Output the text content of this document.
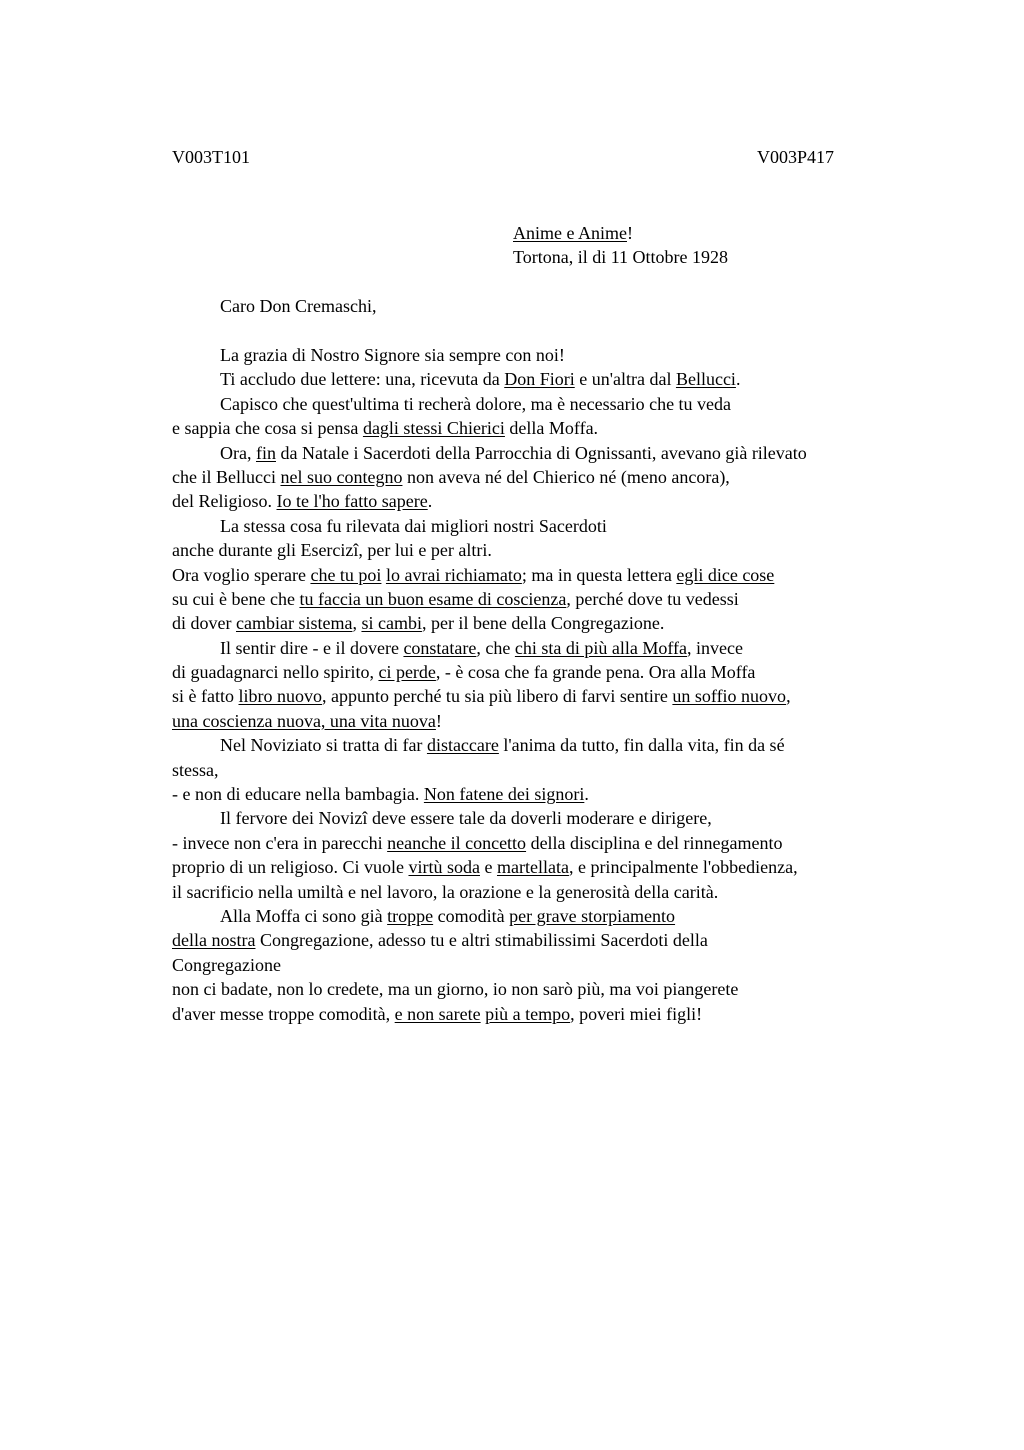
V003T101	V003P417
Anime e Anime!
Tortona, il di 11 Ottobre 1928
Caro Don Cremaschi,
La grazia di Nostro Signore sia sempre con noi!
Ti accludo due lettere: una, ricevuta da Don Fiori e un'altra dal Bellucci.
Capisco che quest'ultima ti recherà dolore, ma è necessario che tu veda
e sappia che cosa si pensa dagli stessi Chierici della Moffa.
Ora, fin da Natale i Sacerdoti della Parrocchia di Ognissanti, avevano già rilevato
che il Bellucci nel suo contegno non aveva né del Chierico né (meno ancora),
del Religioso. Io te l'ho fatto sapere.
La stessa cosa fu rilevata dai migliori nostri Sacerdoti
anche durante gli Esercizi, per lui e per altri.
Ora voglio sperare che tu poi lo avrai richiamato; ma in questa lettera egli dice cose
su cui è bene che tu faccia un buon esame di coscienza, perché dove tu vedessi
di dover cambiar sistema, si cambi, per il bene della Congregazione.
Il sentir dire - e il dovere constatare, che chi sta di più alla Moffa, invece
di guadagnarci nello spirito, ci perde, - è cosa che fa grande pena. Ora alla Moffa
si è fatto libro nuovo, appunto perché tu sia più libero di farvi sentire un soffio nuovo,
una coscienza nuova, una vita nuova!
Nel Noviziato si tratta di far distaccare l'anima da tutto, fin dalla vita, fin da sé
stessa,
- e non di educare nella bambagia. Non fatene dei signori.
Il fervore dei Novizi deve essere tale da doverli moderare e dirigere,
- invece non c'era in parecchi neanche il concetto della disciplina e del rinnegamento
proprio di un religioso. Ci vuole virtù soda e martellata, e principalmente l'obbedienza,
il sacrificio nella umiltà e nel lavoro, la orazione e la generosità della carità.
Alla Moffa ci sono già troppe comodità per grave storpiamento
della nostra Congregazione, adesso tu e altri stimabilissimi Sacerdoti della
Congregazione
non ci badate, non lo credete, ma un giorno, io non sarò più, ma voi piangerete
d'aver messe troppe comodità, e non sarete più a tempo, poveri miei figli!
